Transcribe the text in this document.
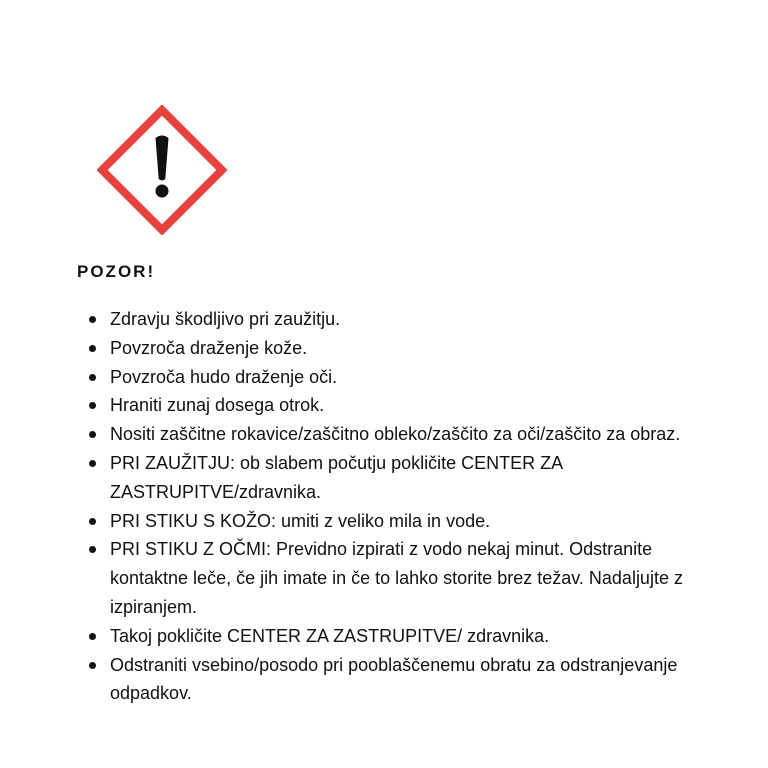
POZOR!
Zdravju škodljivo pri zaužitju.
Povzroča draženje kože.
Povzroča hudo draženje oči.
Hraniti zunaj dosega otrok.
Nositi zaščitne rokavice/zaščitno obleko/zaščito za oči/zaščito za obraz.
PRI ZAUŽITJU: ob slabem počutju pokličite CENTER ZA ZASTRUPITVE/zdravnika.
PRI STIKU S KOŽO: umiti z veliko mila in vode.
PRI STIKU Z OČMI: Previdno izpirati z vodo nekaj minut. Odstranite kontaktne leče, če jih imate in če to lahko storite brez težav. Nadaljujte z izpiranjem.
Takoj pokličite CENTER ZA ZASTRUPITVE/ zdravnika.
Odstraniti vsebino/posodo pri pooblaščenemu obratu za odstranjevanje odpadkov.
